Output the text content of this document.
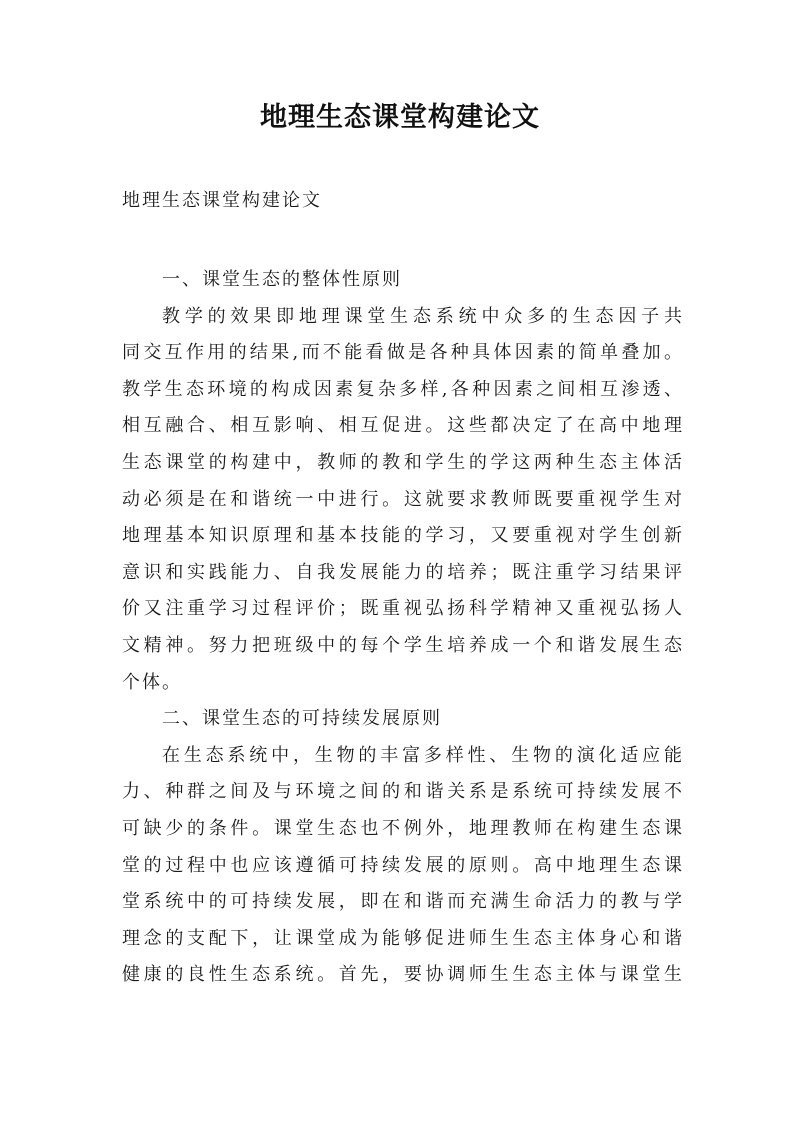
地理生态课堂构建论文
地理生态课堂构建论文
一、课堂生态的整体性原则
教学的效果即地理课堂生态系统中众多的生态因子共
同交互作用的结果,而不能看做是各种具体因素的简单叠加。
教学生态环境的构成因素复杂多样,各种因素之间相互渗透、
相互融合、相互影响、相互促进。这些都决定了在高中地理
生态课堂的构建中，教师的教和学生的学这两种生态主体活
动必须是在和谐统一中进行。这就要求教师既要重视学生对
地理基本知识原理和基本技能的学习，又要重视对学生创新
意识和实践能力、自我发展能力的培养；既注重学习结果评
价又注重学习过程评价；既重视弘扬科学精神又重视弘扬人
文精神。努力把班级中的每个学生培养成一个和谐发展生态
个体。
二、课堂生态的可持续发展原则
在生态系统中，生物的丰富多样性、生物的演化适应能
力、种群之间及与环境之间的和谐关系是系统可持续发展不
可缺少的条件。课堂生态也不例外，地理教师在构建生态课
堂的过程中也应该遵循可持续发展的原则。高中地理生态课
堂系统中的可持续发展，即在和谐而充满生命活力的教与学
理念的支配下，让课堂成为能够促进师生生态主体身心和谐
健康的良性生态系统。首先，要协调师生生态主体与课堂生
